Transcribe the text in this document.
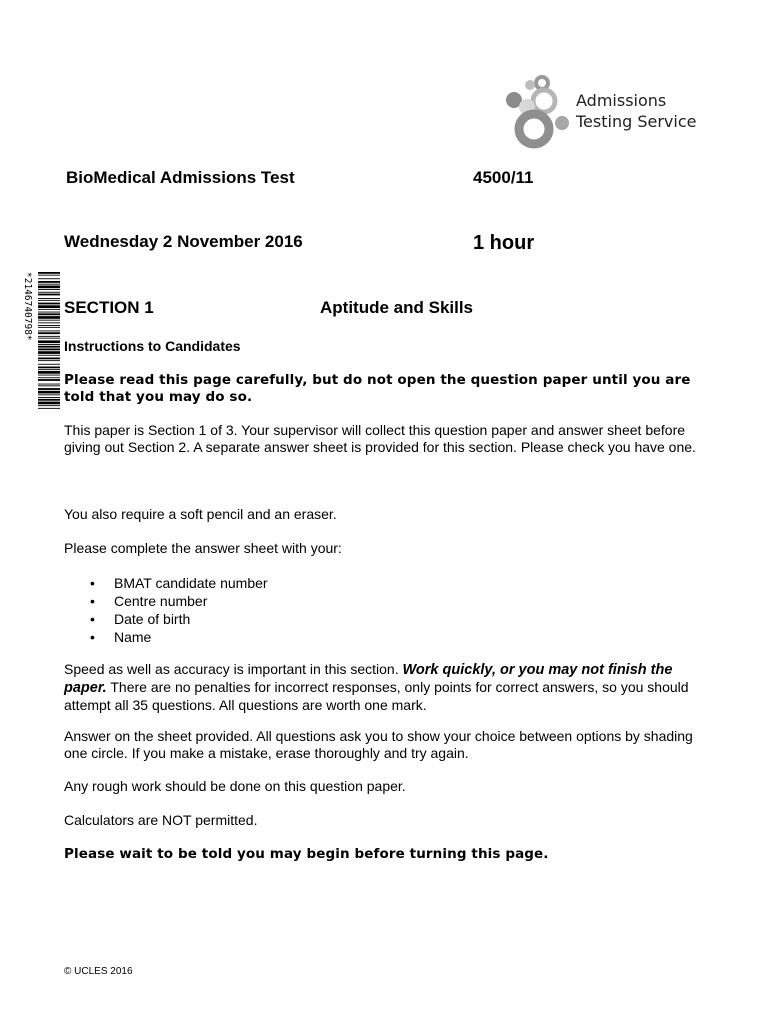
Admissions
Testing Service
*2146740798*
BioMedical Admissions Test	4500/11
Wednesday 2 November 2016	1 hour
SECTION 1	Aptitude and Skills
Instructions to Candidates
Please read this page carefully, but do not open the question paper until you are told that you may do so.
This paper is Section 1 of 3. Your supervisor will collect this question paper and answer sheet before giving out Section 2. A separate answer sheet is provided for this section. Please check you have one.
You also require a soft pencil and an eraser.
Please complete the answer sheet with your:
• BMAT candidate number
• Centre number
• Date of birth
• Name
Speed as well as accuracy is important in this section. Work quickly, or you may not finish the paper. There are no penalties for incorrect responses, only points for correct answers, so you should attempt all 35 questions. All questions are worth one mark.
Answer on the sheet provided. All questions ask you to show your choice between options by shading one circle. If you make a mistake, erase thoroughly and try again.
Any rough work should be done on this question paper.
Calculators are NOT permitted.
Please wait to be told you may begin before turning this page.
© UCLES 2016
